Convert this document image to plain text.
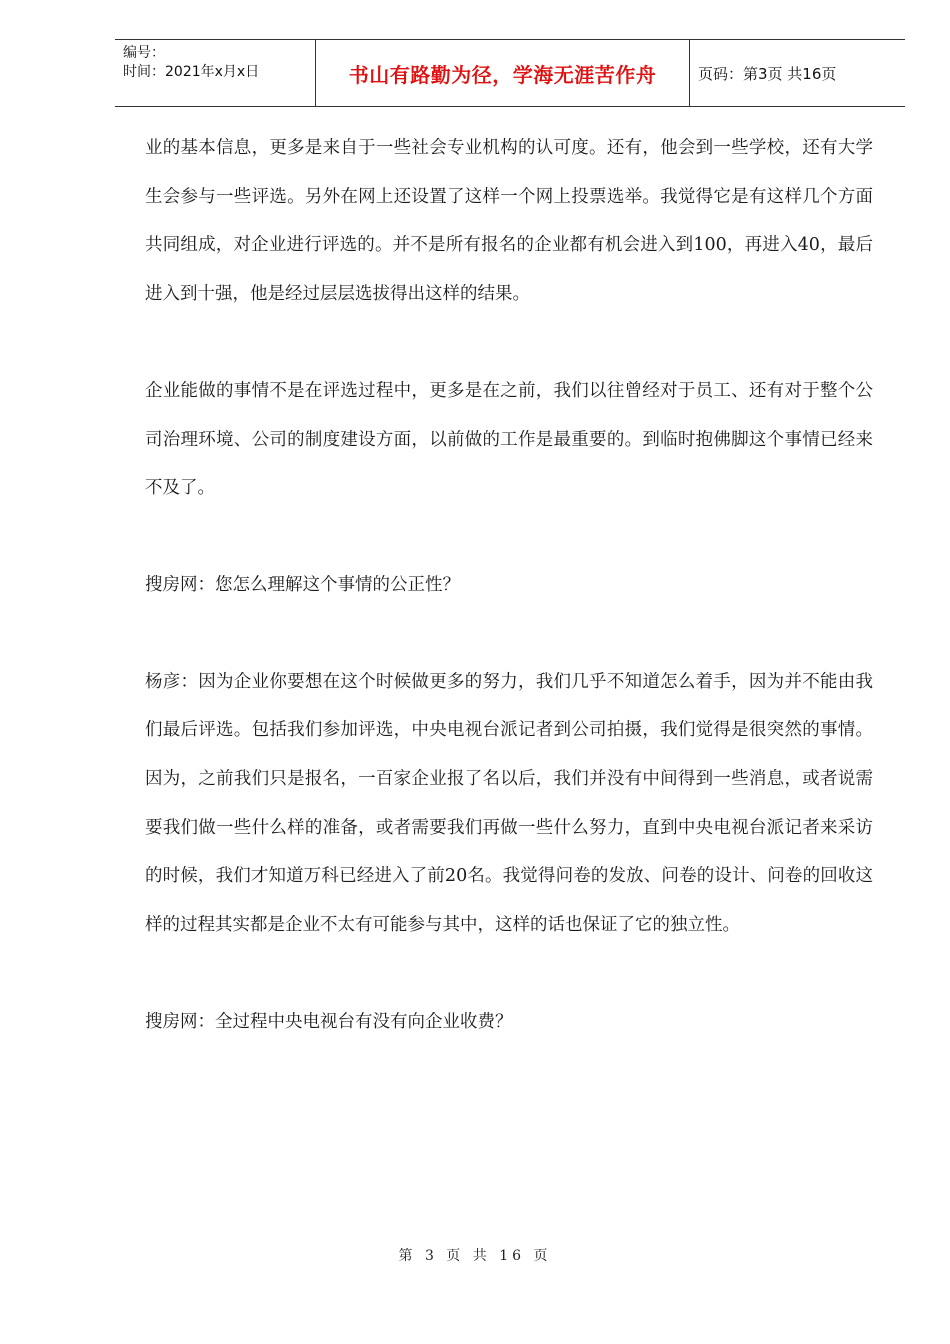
编号：
时间：2021年x月x日	书山有路勤为径，学海无涯苦作舟	页码：第3页 共16页

业的基本信息，更多是来自于一些社会专业机构的认可度。还有，他会到一些学校，还有大学生会参与一些评选。另外在网上还设置了这样一个网上投票选举。我觉得它是有这样几个方面共同组成，对企业进行评选的。并不是所有报名的企业都有机会进入到100，再进入40，最后进入到十强，他是经过层层选拔得出这样的结果。

企业能做的事情不是在评选过程中，更多是在之前，我们以往曾经对于员工、还有对于整个公司治理环境、公司的制度建设方面，以前做的工作是最重要的。到临时抱佛脚这个事情已经来不及了。

搜房网：您怎么理解这个事情的公正性？

杨彦：因为企业你要想在这个时候做更多的努力，我们几乎不知道怎么着手，因为并不能由我们最后评选。包括我们参加评选，中央电视台派记者到公司拍摄，我们觉得是很突然的事情。因为，之前我们只是报名，一百家企业报了名以后，我们并没有中间得到一些消息，或者说需要我们做一些什么样的准备，或者需要我们再做一些什么努力，直到中央电视台派记者来采访的时候，我们才知道万科已经进入了前20名。我觉得问卷的发放、问卷的设计、问卷的回收这样的过程其实都是企业不太有可能参与其中，这样的话也保证了它的独立性。

搜房网：全过程中央电视台有没有向企业收费？

第 3 页 共 16 页
